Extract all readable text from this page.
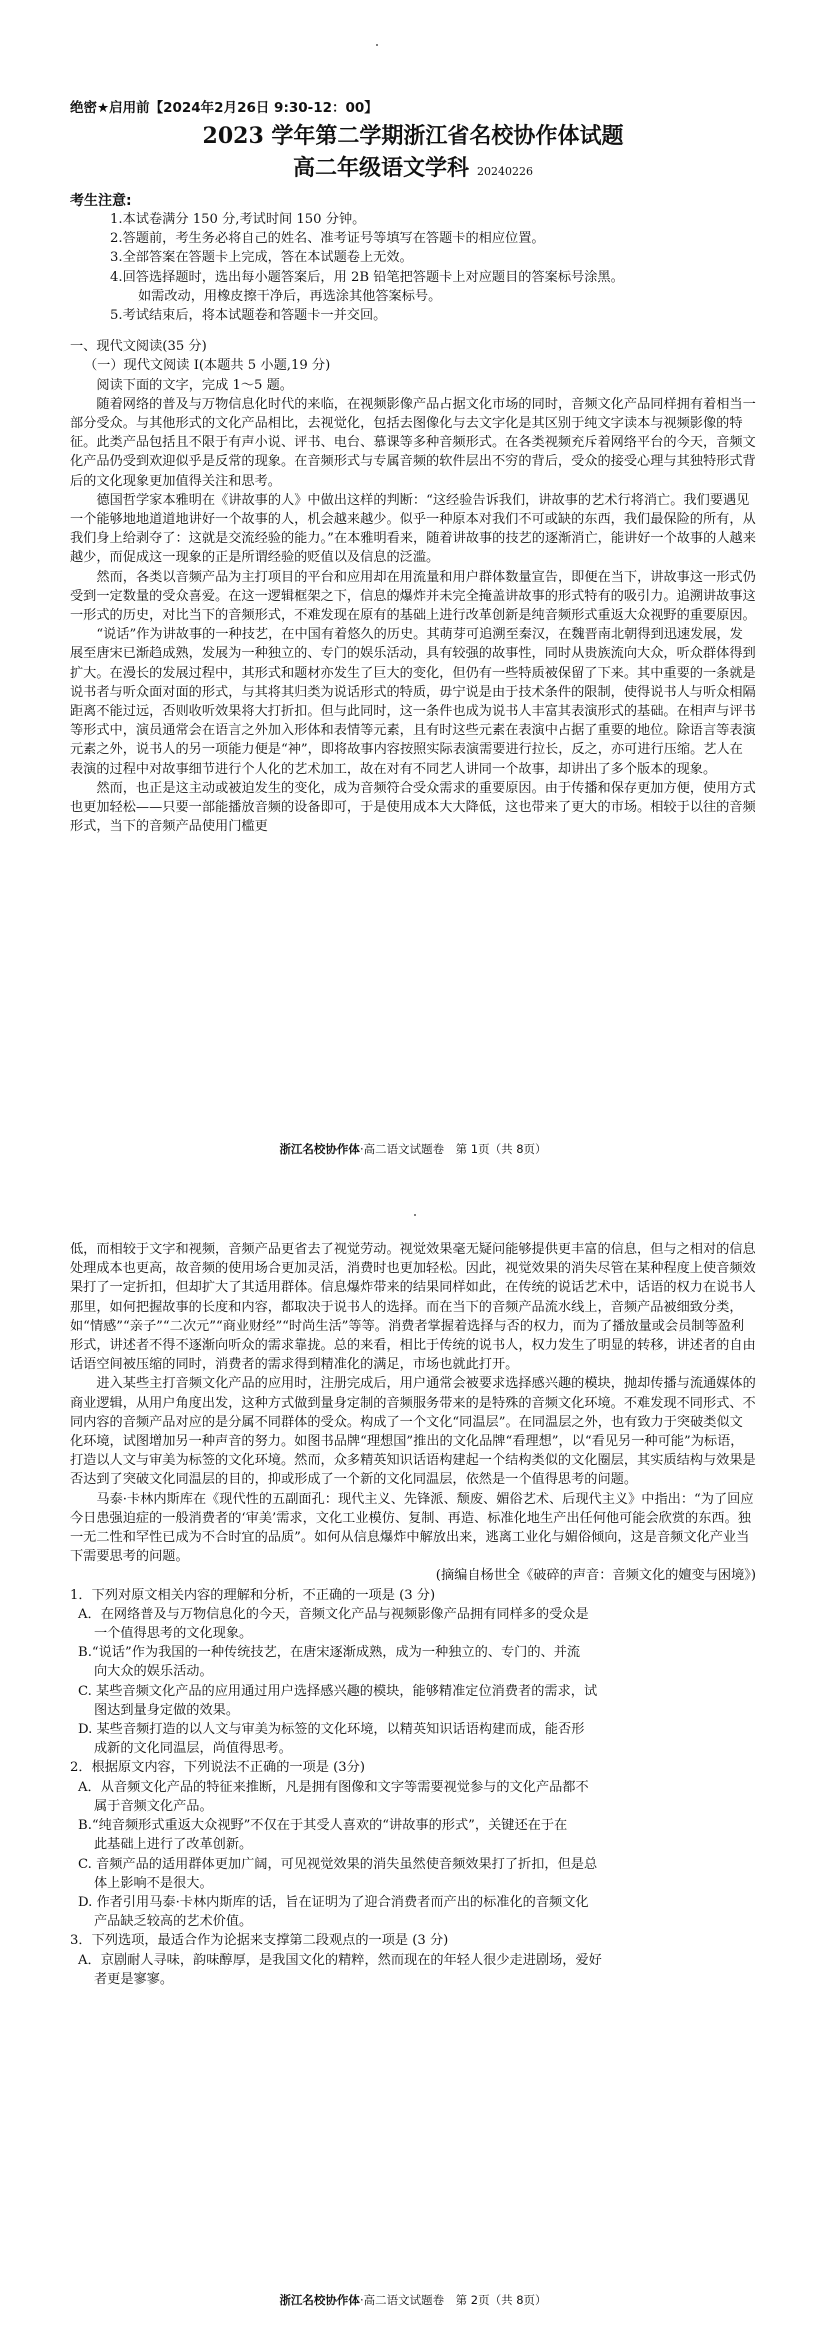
绝密★启用前【2024年2月26日 9:30-12：00】
2023 学年第二学期浙江省名校协作体试题
高二年级语文学科 20240226
考生注意:
1.本试卷满分 150 分,考试时间 150 分钟。
2.答题前，考生务必将自己的姓名、准考证号等填写在答题卡的相应位置。
3.全部答案在答题卡上完成，答在本试题卷上无效。
4.回答选择题时，选出每小题答案后，用 2B 铅笔把答题卡上对应题目的答案标号涂黑。
如需改动，用橡皮擦干净后，再选涂其他答案标号。
5.考试结束后，将本试题卷和答题卡一并交回。
一、现代文阅读(35 分)
（一）现代文阅读 I(本题共 5 小题,19 分)
阅读下面的文字，完成 1～5 题。
随着网络的普及与万物信息化时代的来临，在视频影像产品占据文化市场的同时，音频文化产品同样拥有着相当一部分受众。与其他形式的文化产品相比，去视觉化，包括去图像化与去文字化是其区别于纯文字读本与视频影像的特征。此类产品包括且不限于有声小说、评书、电台、慕课等多种音频形式。在各类视频充斥着网络平台的今天，音频文化产品仍受到欢迎似乎是反常的现象。在音频形式与专属音频的软件层出不穷的背后，受众的接受心理与其独特形式背后的文化现象更加值得关注和思考。
德国哲学家本雅明在《讲故事的人》中做出这样的判断：“这经验告诉我们，讲故事的艺术行将消亡。我们要遇见一个能够地地道道地讲好一个故事的人，机会越来越少。似乎一种原本对我们不可或缺的东西，我们最保险的所有，从我们身上给剥夺了：这就是交流经验的能力。”在本雅明看来，随着讲故事的技艺的逐渐消亡，能讲好一个故事的人越来越少，而促成这一现象的正是所谓经验的贬值以及信息的泛滥。
然而，各类以音频产品为主打项目的平台和应用却在用流量和用户群体数量宣告，即便在当下，讲故事这一形式仍受到一定数量的受众喜爱。在这一逻辑框架之下，信息的爆炸并未完全掩盖讲故事的形式特有的吸引力。追溯讲故事这一形式的历史，对比当下的音频形式，不难发现在原有的基础上进行改革创新是纯音频形式重返大众视野的重要原因。
“说话”作为讲故事的一种技艺，在中国有着悠久的历史。其萌芽可追溯至秦汉，在魏晋南北朝得到迅速发展，发展至唐宋已渐趋成熟，发展为一种独立的、专门的娱乐活动，具有较强的故事性，同时从贵族流向大众，听众群体得到扩大。在漫长的发展过程中，其形式和题材亦发生了巨大的变化，但仍有一些特质被保留了下来。其中重要的一条就是说书者与听众面对面的形式，与其将其归类为说话形式的特质，毋宁说是由于技术条件的限制，使得说书人与听众相隔距离不能过远，否则收听效果将大打折扣。但与此同时，这一条件也成为说书人丰富其表演形式的基础。在相声与评书等形式中，演员通常会在语言之外加入形体和表情等元素，且有时这些元素在表演中占据了重要的地位。除语言等表演元素之外，说书人的另一项能力便是“神”，即将故事内容按照实际表演需要进行拉长，反之，亦可进行压缩。艺人在表演的过程中对故事细节进行个人化的艺术加工，故在对有不同艺人讲同一个故事，却讲出了多个版本的现象。
然而，也正是这主动或被迫发生的变化，成为音频符合受众需求的重要原因。由于传播和保存更加方便，使用方式也更加轻松——只要一部能播放音频的设备即可，于是使用成本大大降低，这也带来了更大的市场。相较于以往的音频形式，当下的音频产品使用门槛更
浙江名校协作体·高二语文试题卷　第 1页（共 8页）
低，而相较于文字和视频，音频产品更省去了视觉劳动。视觉效果毫无疑问能够提供更丰富的信息，但与之相对的信息处理成本也更高，故音频的使用场合更加灵活，消费时也更加轻松。因此，视觉效果的消失尽管在某种程度上使音频效果打了一定折扣，但却扩大了其适用群体。信息爆炸带来的结果同样如此，在传统的说话艺术中，话语的权力在说书人那里，如何把握故事的长度和内容，都取决于说书人的选择。而在当下的音频产品流水线上，音频产品被细致分类，如“情感”“亲子”“二次元”“商业财经”“时尚生活”等等。消费者掌握着选择与否的权力，而为了播放量或会员制等盈利形式，讲述者不得不逐渐向听众的需求靠拢。总的来看，相比于传统的说书人，权力发生了明显的转移，讲述者的自由话语空间被压缩的同时，消费者的需求得到精准化的满足，市场也就此打开。
进入某些主打音频文化产品的应用时，注册完成后，用户通常会被要求选择感兴趣的模块，抛却传播与流通媒体的商业逻辑，从用户角度出发，这种方式做到量身定制的音频服务带来的是特殊的音频文化环境。不难发现不同形式、不同内容的音频产品对应的是分属不同群体的受众。构成了一个文化“同温层”。在同温层之外，也有致力于突破类似文化环境，试图增加另一种声音的努力。如图书品牌“理想国”推出的文化品牌“看理想”，以“看见另一种可能”为标语，打造以人文与审美为标签的文化环境。然而，众多精英知识话语构建起一个结构类似的文化圈层，其实质结构与效果是否达到了突破文化同温层的目的，抑或形成了一个新的文化同温层，依然是一个值得思考的问题。
马泰·卡林内斯库在《现代性的五副面孔：现代主义、先锋派、颓废、媚俗艺术、后现代主义》中指出：“为了回应今日患强迫症的一般消费者的‘审美’需求，文化工业模仿、复制、再造、标准化地生产出任何他可能会欣赏的东西。独一无二性和罕性已成为不合时宜的品质”。如何从信息爆炸中解放出来，逃离工业化与媚俗倾向，这是音频文化产业当下需要思考的问题。
(摘编自杨世全《破碎的声音：音频文化的嬗变与困境》)
1．下列对原文相关内容的理解和分析，不正确的一项是 (3 分)
A．在网络普及与万物信息化的今天，音频文化产品与视频影像产品拥有同样多的受众是
一个值得思考的文化现象。
B.“说话”作为我国的一种传统技艺，在唐宋逐渐成熟，成为一种独立的、专门的、并流
向大众的娱乐活动。
C. 某些音频文化产品的应用通过用户选择感兴趣的模块，能够精准定位消费者的需求，试
图达到量身定做的效果。
D. 某些音频打造的以人文与审美为标签的文化环境，以精英知识话语构建而成，能否形
成新的文化同温层，尚值得思考。
2．根据原文内容，下列说法不正确的一项是 (3分)
A．从音频文化产品的特征来推断，凡是拥有图像和文字等需要视觉参与的文化产品都不
属于音频文化产品。
B.“纯音频形式重返大众视野”不仅在于其受人喜欢的“讲故事的形式”，关键还在于在
此基础上进行了改革创新。
C. 音频产品的适用群体更加广阔，可见视觉效果的消失虽然使音频效果打了折扣，但是总
体上影响不是很大。
D. 作者引用马泰·卡林内斯库的话，旨在证明为了迎合消费者而产出的标准化的音频文化
产品缺乏较高的艺术价值。
3．下列选项，最适合作为论据来支撑第二段观点的一项是 (3 分)
A．京剧耐人寻味，韵味醇厚，是我国文化的精粹，然而现在的年轻人很少走进剧场，爱好
者更是寥寥。
浙江名校协作体·高二语文试题卷　第 2页（共 8页）
